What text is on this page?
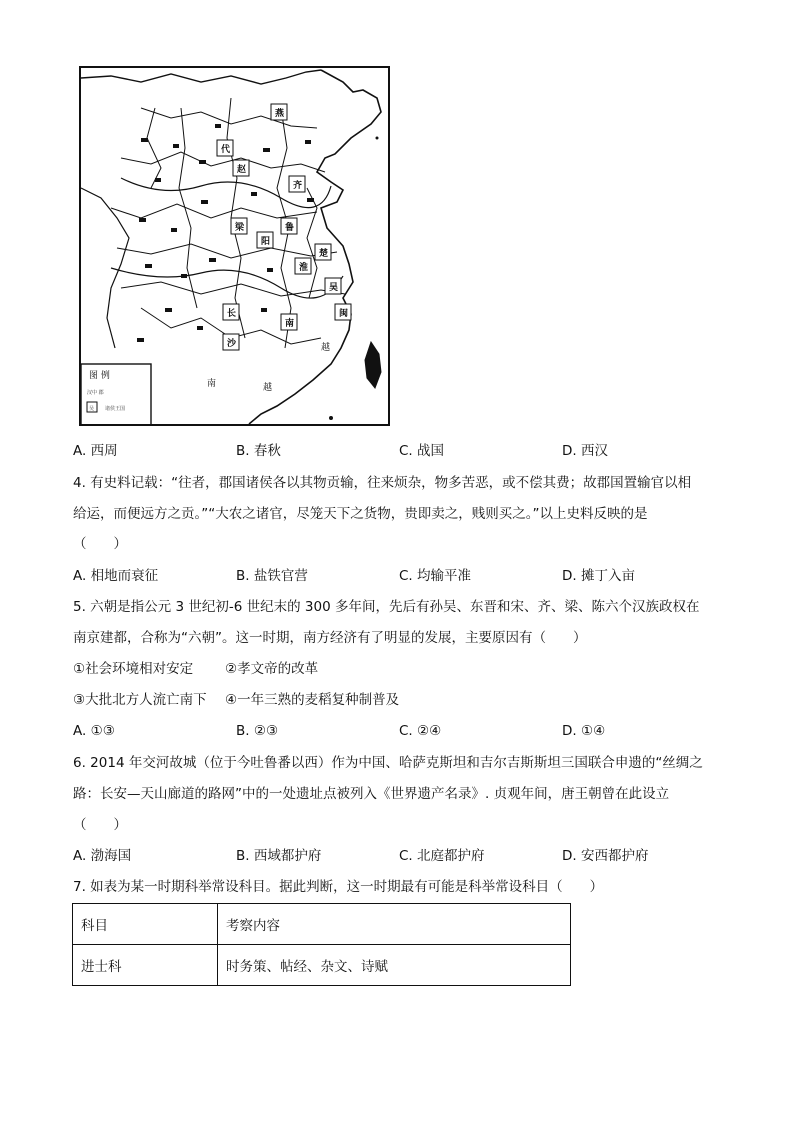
代
赵
燕
齐
梁	鲁
阳
楚
淮
吴
长
沙
南
闽
越
南	越
图 例
汉中 郡
吴 诸侯王国
A. 西周	B. 春秋	C. 战国	D. 西汉
4. 有史料记载：“往者，郡国诸侯各以其物贡输，往来烦杂，物多苦恶，或不偿其费；故郡国置输官以相
给运，而便远方之贡。”“大农之诸官，尽笼天下之货物，贵即卖之，贱则买之。”以上史料反映的是
（　　）
A. 相地而衰征	B. 盐铁官营	C. 均输平准	D. 摊丁入亩
5. 六朝是指公元 3 世纪初-6 世纪末的 300 多年间，先后有孙吴、东晋和宋、齐、梁、陈六个汉族政权在
南京建都，合称为“六朝”。这一时期，南方经济有了明显的发展，主要原因有（　　）
①社会环境相对安定 ②孝文帝的改革
③大批北方人流亡南下 ④一年三熟的麦稻复种制普及
A. ①③	B. ②③	C. ②④	D. ①④
6. 2014 年交河故城（位于今吐鲁番以西）作为中国、哈萨克斯坦和吉尔吉斯斯坦三国联合申遗的“丝绸之
路：长安—天山廊道的路网”中的一处遗址点被列入《世界遗产名录》. 贞观年间，唐王朝曾在此设立
（　　）
A. 渤海国	B. 西域都护府	C. 北庭都护府	D. 安西都护府
7. 如表为某一时期科举常设科目。据此判断，这一时期最有可能是科举常设科目（　　）
科目	考察内容
进士科	时务策、帖经、杂文、诗赋
